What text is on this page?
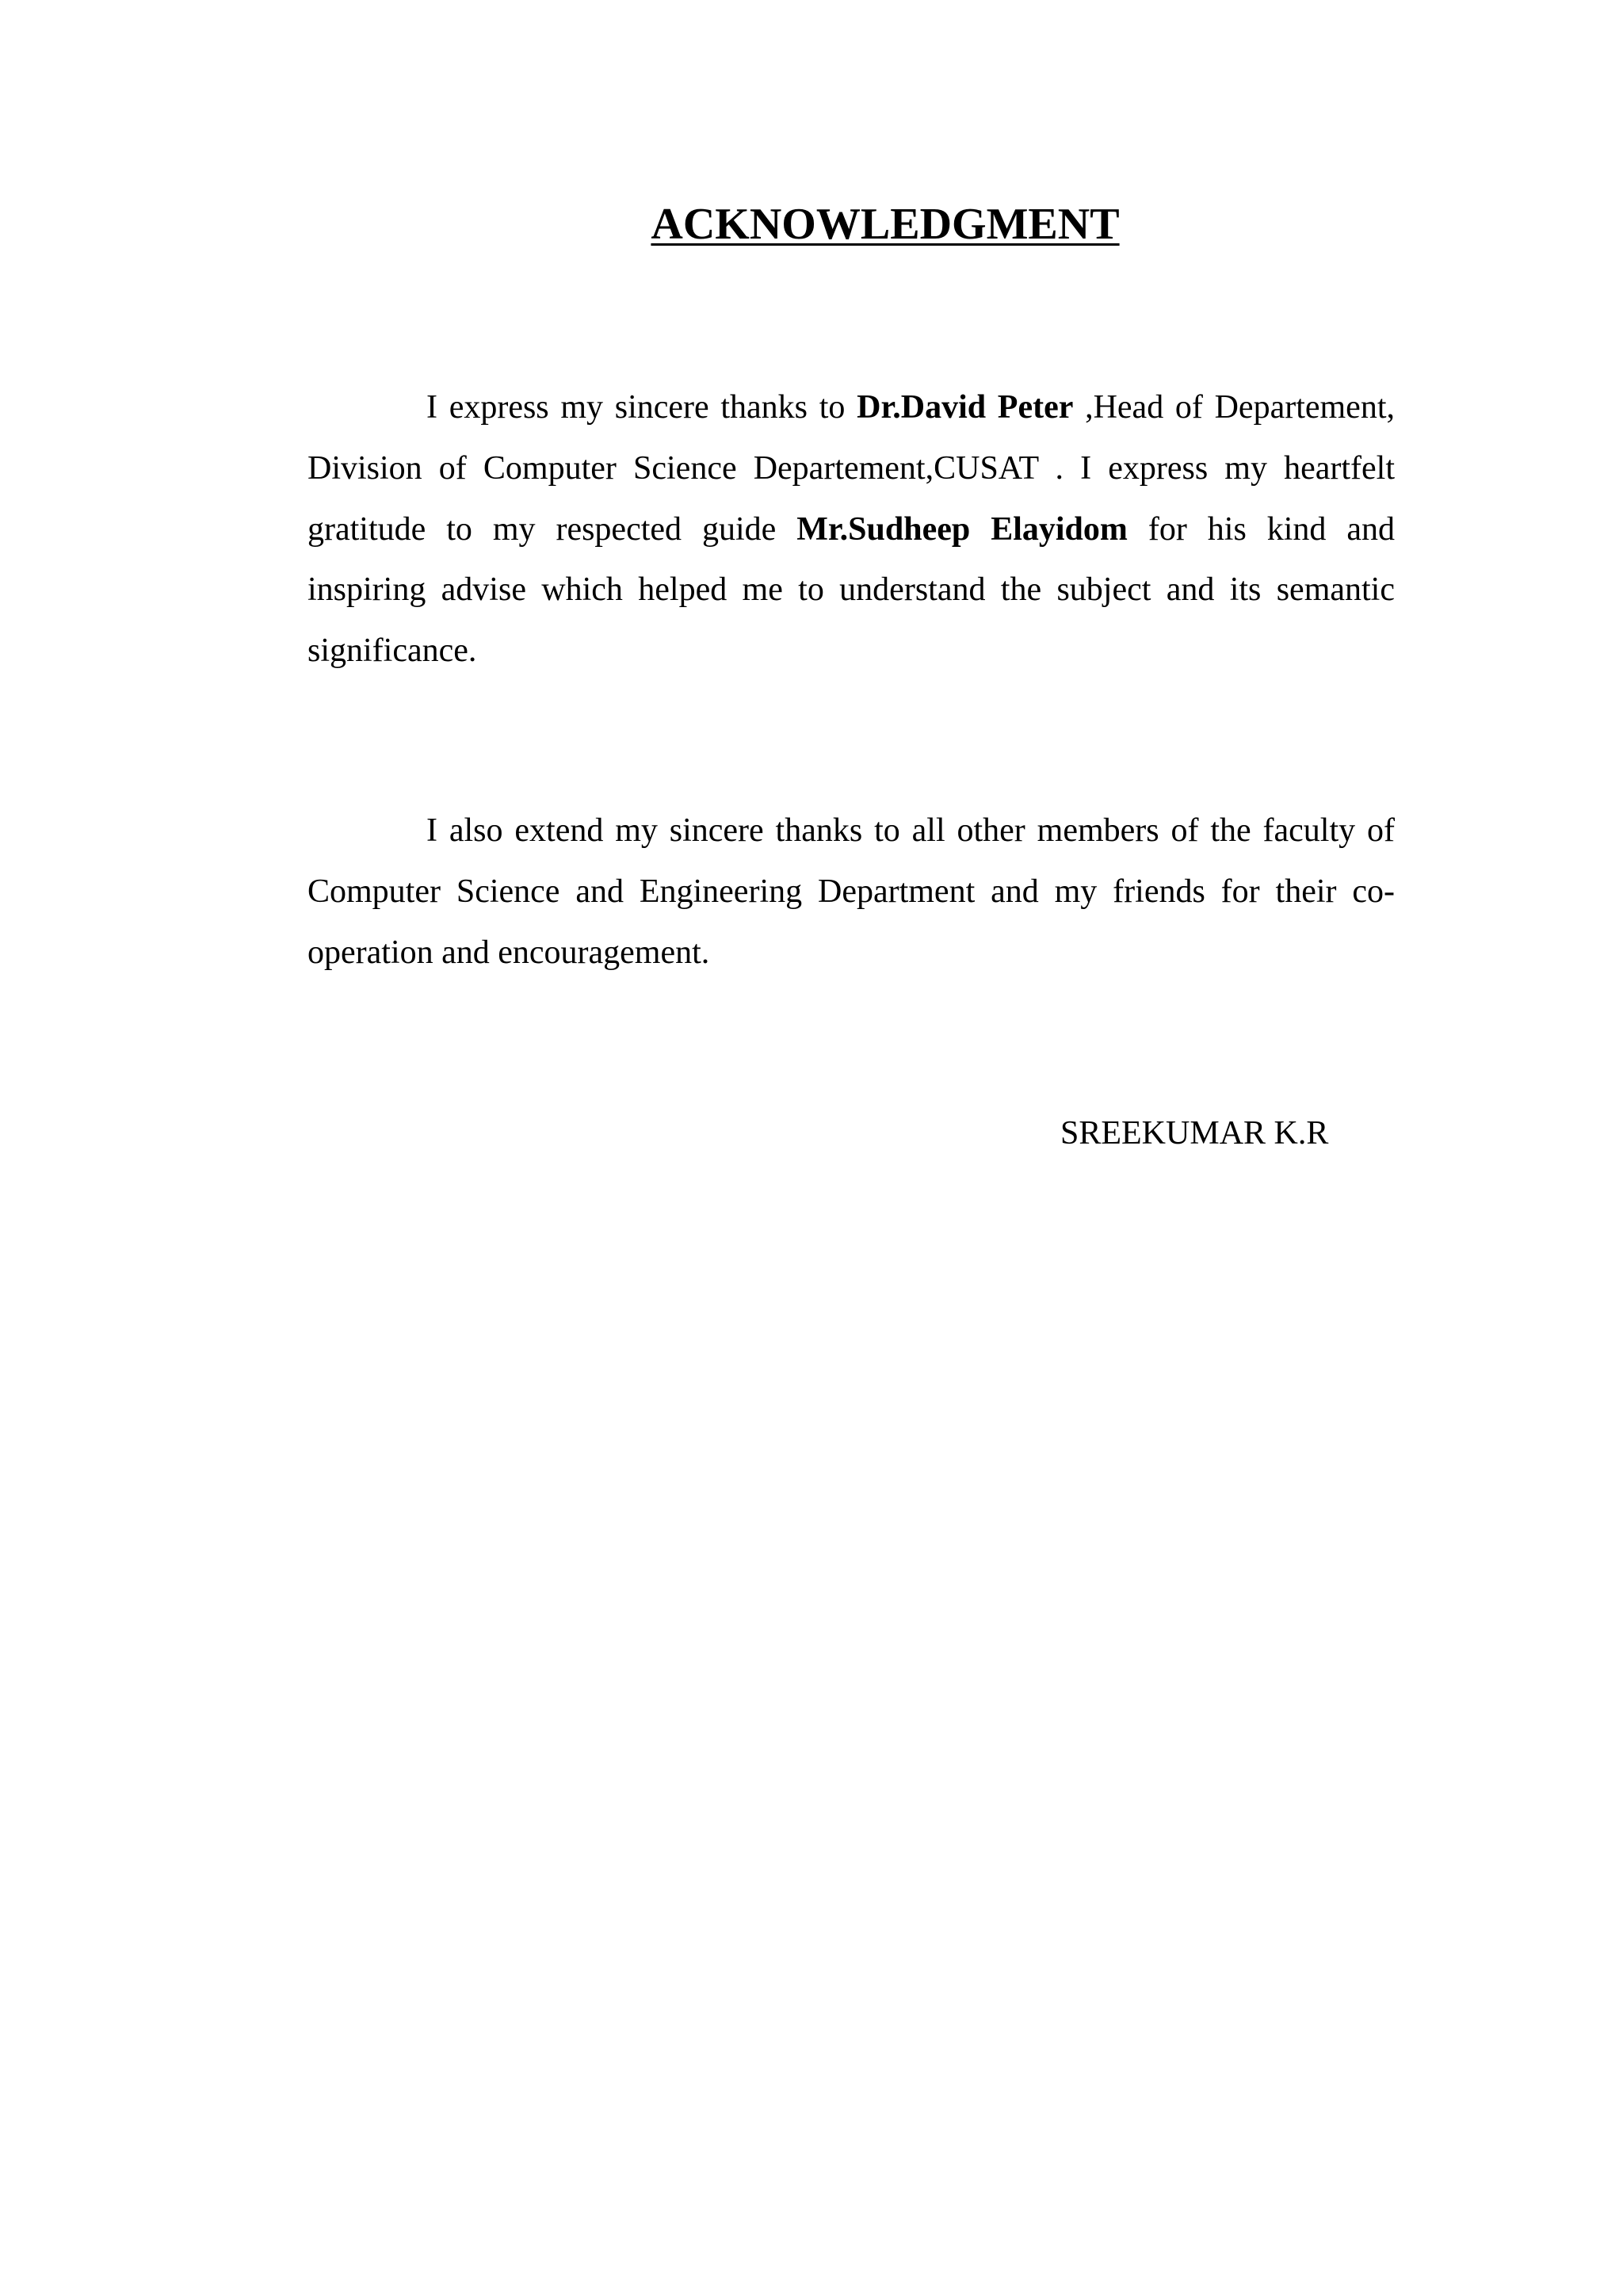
ACKNOWLEDGMENT

I express my sincere thanks to Dr.David Peter ,Head of Departement, Division of Computer Science Departement,CUSAT . I express my heartfelt gratitude to my respected guide Mr.Sudheep Elayidom for his kind and inspiring advise which helped me to understand the subject and its semantic significance.

I also extend my sincere thanks to all other members of the faculty of Computer Science and Engineering Department and my friends for their co-operation and encouragement.

SREEKUMAR K.R
